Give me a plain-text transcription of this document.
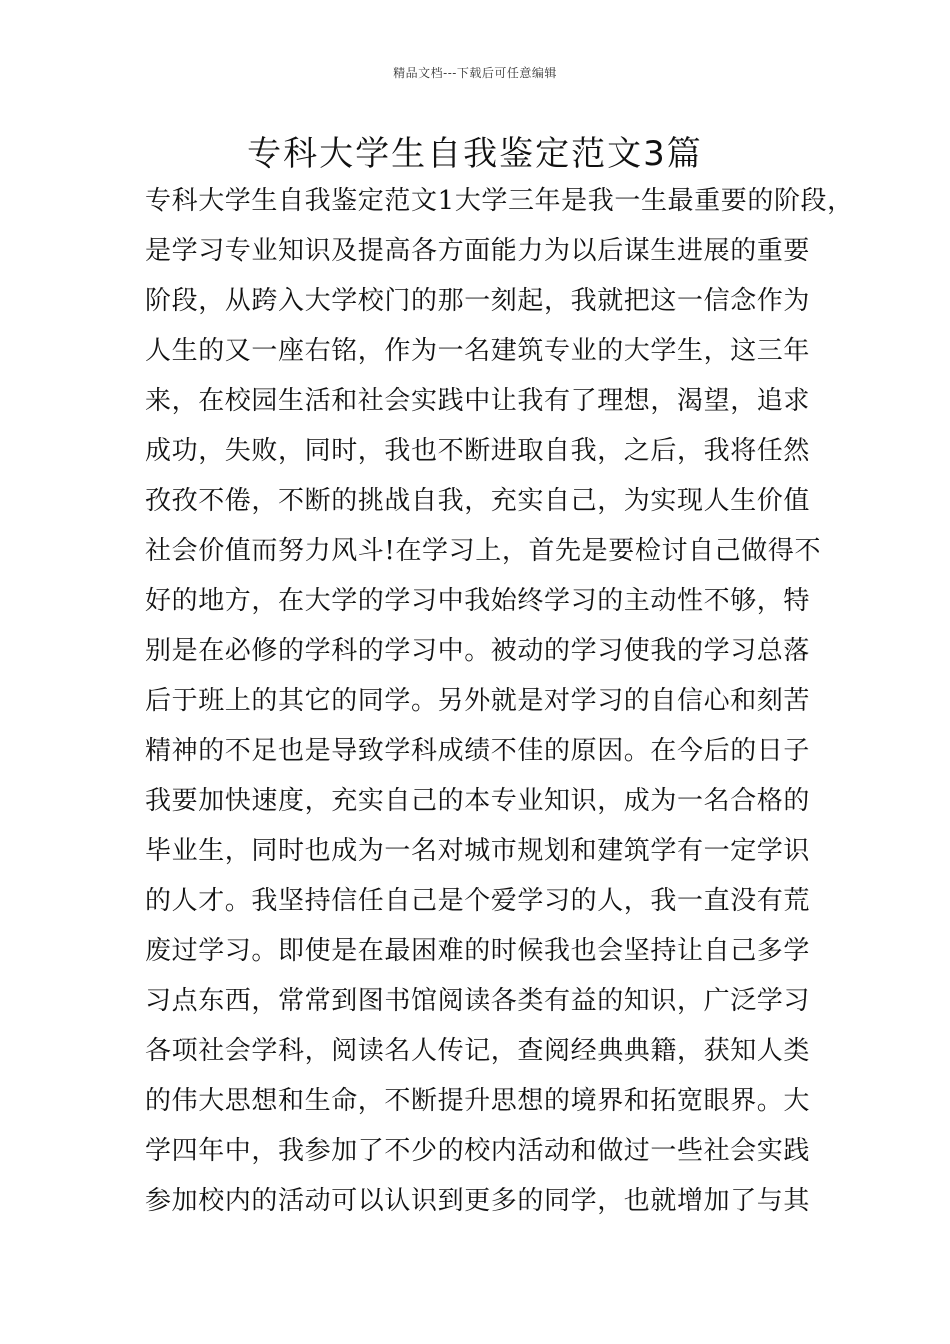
精品文档---下载后可任意编辑
专科大学生自我鉴定范文3篇
专科大学生自我鉴定范文1大学三年是我一生最重要的阶段，
是学习专业知识及提高各方面能力为以后谋生进展的重要
阶段，从跨入大学校门的那一刻起，我就把这一信念作为
人生的又一座右铭，作为一名建筑专业的大学生，这三年
来，在校园生活和社会实践中让我有了理想，渴望，追求
成功，失败，同时，我也不断进取自我，之后，我将任然
孜孜不倦，不断的挑战自我，充实自己，为实现人生价值
社会价值而努力风斗!在学习上，首先是要检讨自己做得不
好的地方，在大学的学习中我始终学习的主动性不够，特
别是在必修的学科的学习中。被动的学习使我的学习总落
后于班上的其它的同学。另外就是对学习的自信心和刻苦
精神的不足也是导致学科成绩不佳的原因。在今后的日子
我要加快速度，充实自己的本专业知识，成为一名合格的
毕业生，同时也成为一名对城市规划和建筑学有一定学识
的人才。我坚持信任自己是个爱学习的人，我一直没有荒
废过学习。即使是在最困难的时候我也会坚持让自己多学
习点东西，常常到图书馆阅读各类有益的知识，广泛学习
各项社会学科，阅读名人传记，查阅经典典籍，获知人类
的伟大思想和生命，不断提升思想的境界和拓宽眼界。大
学四年中，我参加了不少的校内活动和做过一些社会实践
参加校内的活动可以认识到更多的同学，也就增加了与其
